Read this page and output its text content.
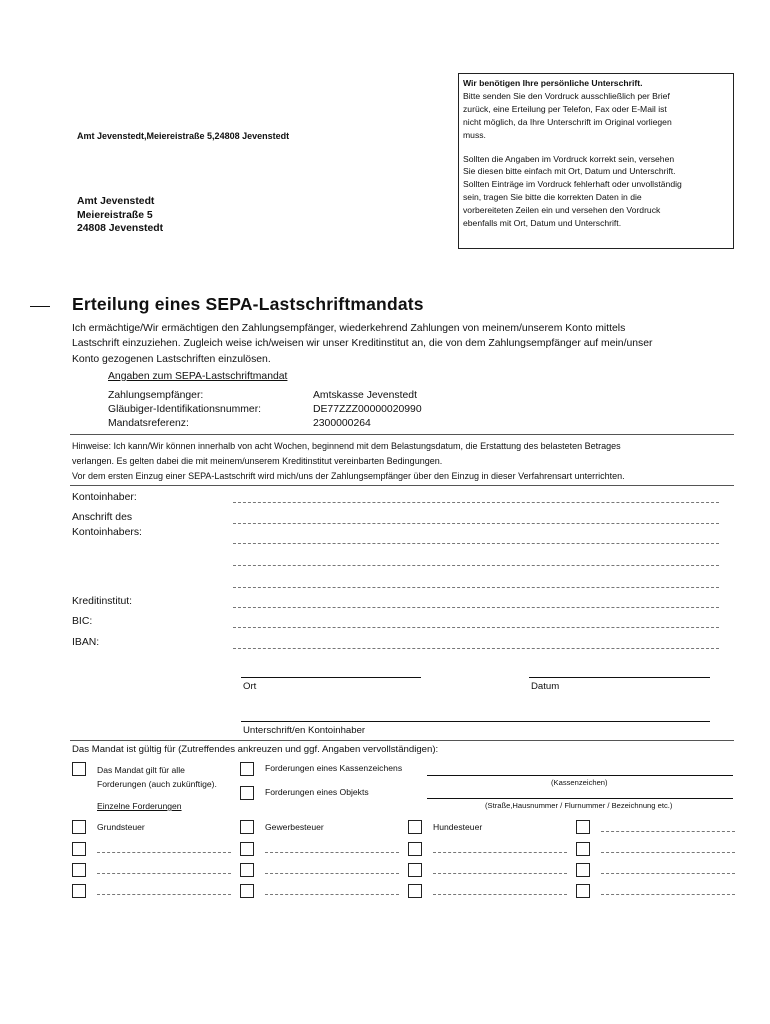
Wir benötigen Ihre persönliche Unterschrift.
Bitte senden Sie den Vordruck ausschließlich per Brief
zurück, eine Erteilung per Telefon, Fax oder E-Mail ist
nicht möglich, da Ihre Unterschrift im Original vorliegen
muss.
Sollten die Angaben im Vordruck korrekt sein, versehen
Sie diesen bitte einfach mit Ort, Datum und Unterschrift.
Sollten Einträge im Vordruck fehlerhaft oder unvollständig
sein, tragen Sie bitte die korrekten Daten in die
vorbereiteten Zeilen ein und versehen den Vordruck
ebenfalls mit Ort, Datum und Unterschrift.
Amt Jevenstedt,Meiereistraße 5,24808 Jevenstedt
Amt Jevenstedt
Meiereistraße 5
24808 Jevenstedt
Erteilung eines SEPA-Lastschriftmandats
Ich ermächtige/Wir ermächtigen den Zahlungsempfänger, wiederkehrend Zahlungen von meinem/unserem Konto mittels
Lastschrift einzuziehen. Zugleich weise ich/weisen wir unser Kreditinstitut an, die von dem Zahlungsempfänger auf mein/unser
Konto gezogenen Lastschriften einzulösen.
Angaben zum SEPA-Lastschriftmandat
Zahlungsempfänger:	Amtskasse Jevenstedt
Gläubiger-Identifikationsnummer:	DE77ZZZ00000020990
Mandatsreferenz:	2300000264
Hinweise: Ich kann/Wir können innerhalb von acht Wochen, beginnend mit dem Belastungsdatum, die Erstattung des belasteten Betrages
verlangen. Es gelten dabei die mit meinem/unserem Kreditinstitut vereinbarten Bedingungen.
Vor dem ersten Einzug einer SEPA-Lastschrift wird mich/uns der Zahlungsempfänger über den Einzug in dieser Verfahrensart unterrichten.
Kontoinhaber:
Anschrift des
Kontoinhabers:
Kreditinstitut:
BIC:
IBAN:
Ort	Datum
Unterschrift/en Kontoinhaber
Das Mandat ist gültig für (Zutreffendes ankreuzen und ggf. Angaben vervollständigen):
Das Mandat gilt für alle
Forderungen (auch zukünftige).
Forderungen eines Kassenzeichens
(Kassenzeichen)
Forderungen eines Objekts
(Straße,Hausnummer / Flurnummer / Bezeichnung etc.)
Einzelne Forderungen
Grundsteuer	Gewerbesteuer	Hundesteuer
